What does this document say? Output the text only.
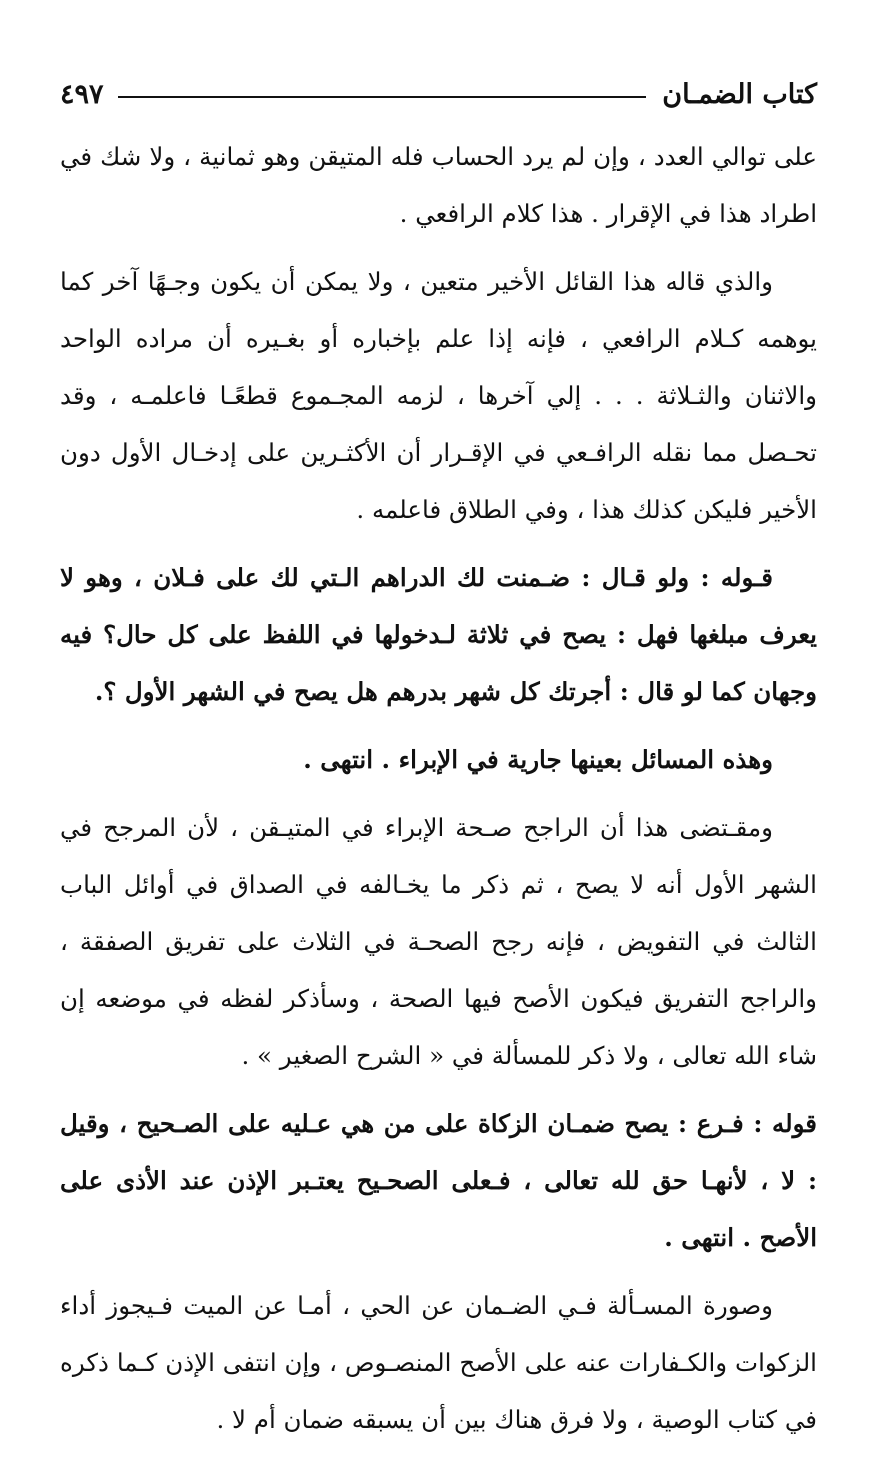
كتاب الضمـان
٤٩٧

على توالي العدد ، وإن لم يرد الحساب فله المتيقن وهو ثمانية ، ولا شك في اطراد هذا في الإقرار . هذا كلام الرافعي .

والذي قاله هذا القائل الأخير متعين ، ولا يمكن أن يكون وجـهًا آخر كما يوهمه كـلام الرافعي ، فإنه إذا علم بإخباره أو بغـيره أن مراده الواحد والاثنان والثـلاثة . . . إلي آخرها ، لزمه المجـموع قطعًـا فاعلمـه ، وقد تحـصل مما نقله الرافـعي في الإقـرار أن الأكثـرين على إدخـال الأول دون الأخير فليكن كذلك هذا ، وفي الطلاق فاعلمه .

قـوله : ولو قـال : ضـمنت لك الدراهم الـتي لك على فـلان ، وهو لا يعرف مبلغها فهل : يصح في ثلاثة لـدخولها في اللفظ على كل حال؟ فيه وجهان كما لو قال : أجرتك كل شهر بدرهم هل يصح في الشهر الأول ؟.

وهذه المسائل بعينها جارية في الإبراء . انتهى .

ومقـتضى هذا أن الراجح صـحة الإبراء في المتيـقن ، لأن المرجح في الشهر الأول أنه لا يصح ، ثم ذكر ما يخـالفه في الصداق في أوائل الباب الثالث في التفويض ، فإنه رجح الصحـة في الثلاث على تفريق الصفقة ، والراجح التفريق فيكون الأصح فيها الصحة ، وسأذكر لفظه في موضعه إن شاء الله تعالى ، ولا ذكر للمسألة في « الشرح الصغير » .

قوله : فـرع : يصح ضمـان الزكاة على من هي عـليه على الصـحيح ، وقيل : لا ، لأنهـا حق لله تعالى ، فـعلى الصحـيح يعتـبر الإذن عند الأذى على الأصح . انتهى .

وصورة المسـألة فـي الضـمان عن الحي ، أمـا عن الميت فـيجوز أداء الزكوات والكـفارات عنه على الأصح المنصـوص ، وإن انتفى الإذن كـما ذكره في كتاب الوصية ، ولا فرق هناك بين أن يسبقه ضمان أم لا .
